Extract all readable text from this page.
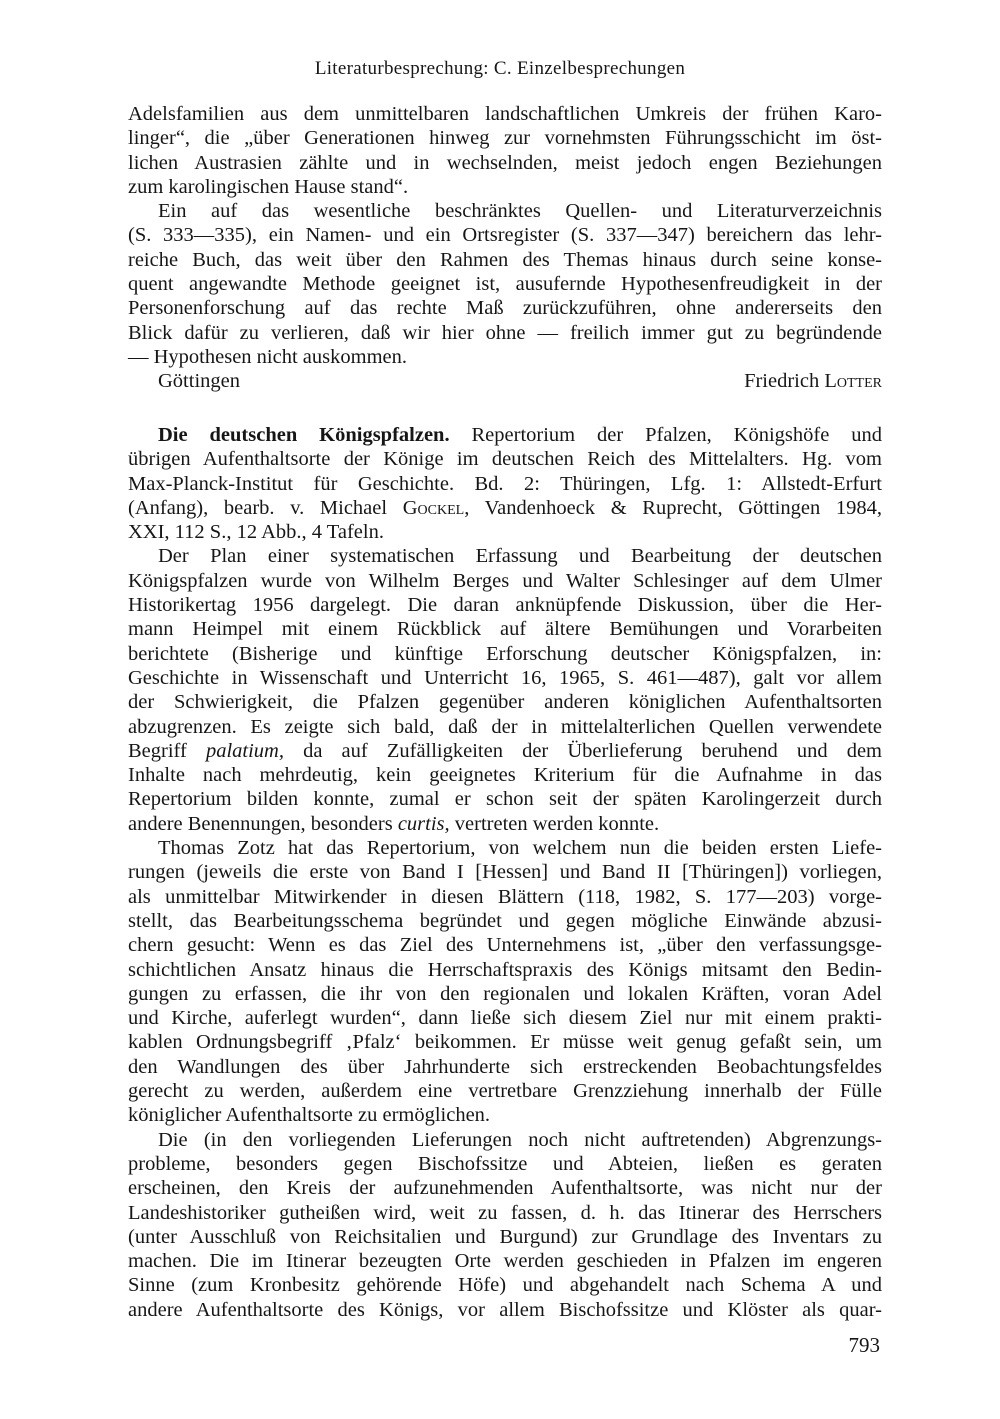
Literaturbesprechung: C. Einzelbesprechungen
Adelsfamilien aus dem unmittelbaren landschaftlichen Umkreis der frühen Karo-
linger“, die „über Generationen hinweg zur vornehmsten Führungsschicht im öst-
lichen Austrasien zählte und in wechselnden, meist jedoch engen Beziehungen
zum karolingischen Hause stand“.
Ein auf das wesentliche beschränktes Quellen- und Literaturverzeichnis
(S. 333—335), ein Namen- und ein Ortsregister (S. 337—347) bereichern das lehr-
reiche Buch, das weit über den Rahmen des Themas hinaus durch seine konse-
quent angewandte Methode geeignet ist, ausufernde Hypothesenfreudigkeit in der
Personenforschung auf das rechte Maß zurückzuführen, ohne andererseits den
Blick dafür zu verlieren, daß wir hier ohne — freilich immer gut zu begründende
— Hypothesen nicht auskommen.
Göttingen	Friedrich Lotter
Die deutschen Königspfalzen. Repertorium der Pfalzen, Königshöfe und
übrigen Aufenthaltsorte der Könige im deutschen Reich des Mittelalters. Hg. vom
Max-Planck-Institut für Geschichte. Bd. 2: Thüringen, Lfg. 1: Allstedt-Erfurt
(Anfang), bearb. v. Michael Gockel, Vandenhoeck & Ruprecht, Göttingen 1984,
XXI, 112 S., 12 Abb., 4 Tafeln.
Der Plan einer systematischen Erfassung und Bearbeitung der deutschen
Königspfalzen wurde von Wilhelm Berges und Walter Schlesinger auf dem Ulmer
Historikertag 1956 dargelegt. Die daran anknüpfende Diskussion, über die Her-
mann Heimpel mit einem Rückblick auf ältere Bemühungen und Vorarbeiten
berichtete (Bisherige und künftige Erforschung deutscher Königspfalzen, in:
Geschichte in Wissenschaft und Unterricht 16, 1965, S. 461—487), galt vor allem
der Schwierigkeit, die Pfalzen gegenüber anderen königlichen Aufenthaltsorten
abzugrenzen. Es zeigte sich bald, daß der in mittelalterlichen Quellen verwendete
Begriff palatium, da auf Zufälligkeiten der Überlieferung beruhend und dem
Inhalte nach mehrdeutig, kein geeignetes Kriterium für die Aufnahme in das
Repertorium bilden konnte, zumal er schon seit der späten Karolingerzeit durch
andere Benennungen, besonders curtis, vertreten werden konnte.
Thomas Zotz hat das Repertorium, von welchem nun die beiden ersten Liefe-
rungen (jeweils die erste von Band I [Hessen] und Band II [Thüringen]) vorliegen,
als unmittelbar Mitwirkender in diesen Blättern (118, 1982, S. 177—203) vorge-
stellt, das Bearbeitungsschema begründet und gegen mögliche Einwände abzusi-
chern gesucht: Wenn es das Ziel des Unternehmens ist, „über den verfassungsge-
schichtlichen Ansatz hinaus die Herrschaftspraxis des Königs mitsamt den Bedin-
gungen zu erfassen, die ihr von den regionalen und lokalen Kräften, voran Adel
und Kirche, auferlegt wurden“, dann ließe sich diesem Ziel nur mit einem prakti-
kablen Ordnungsbegriff ‚Pfalz‘ beikommen. Er müsse weit genug gefaßt sein, um
den Wandlungen des über Jahrhunderte sich erstreckenden Beobachtungsfeldes
gerecht zu werden, außerdem eine vertretbare Grenzziehung innerhalb der Fülle
königlicher Aufenthaltsorte zu ermöglichen.
Die (in den vorliegenden Lieferungen noch nicht auftretenden) Abgrenzungs-
probleme, besonders gegen Bischofssitze und Abteien, ließen es geraten
erscheinen, den Kreis der aufzunehmenden Aufenthaltsorte, was nicht nur der
Landeshistoriker gutheißen wird, weit zu fassen, d. h. das Itinerar des Herrschers
(unter Ausschluß von Reichsitalien und Burgund) zur Grundlage des Inventars zu
machen. Die im Itinerar bezeugten Orte werden geschieden in Pfalzen im engeren
Sinne (zum Kronbesitz gehörende Höfe) und abgehandelt nach Schema A und
andere Aufenthaltsorte des Königs, vor allem Bischofssitze und Klöster als quar-
793
